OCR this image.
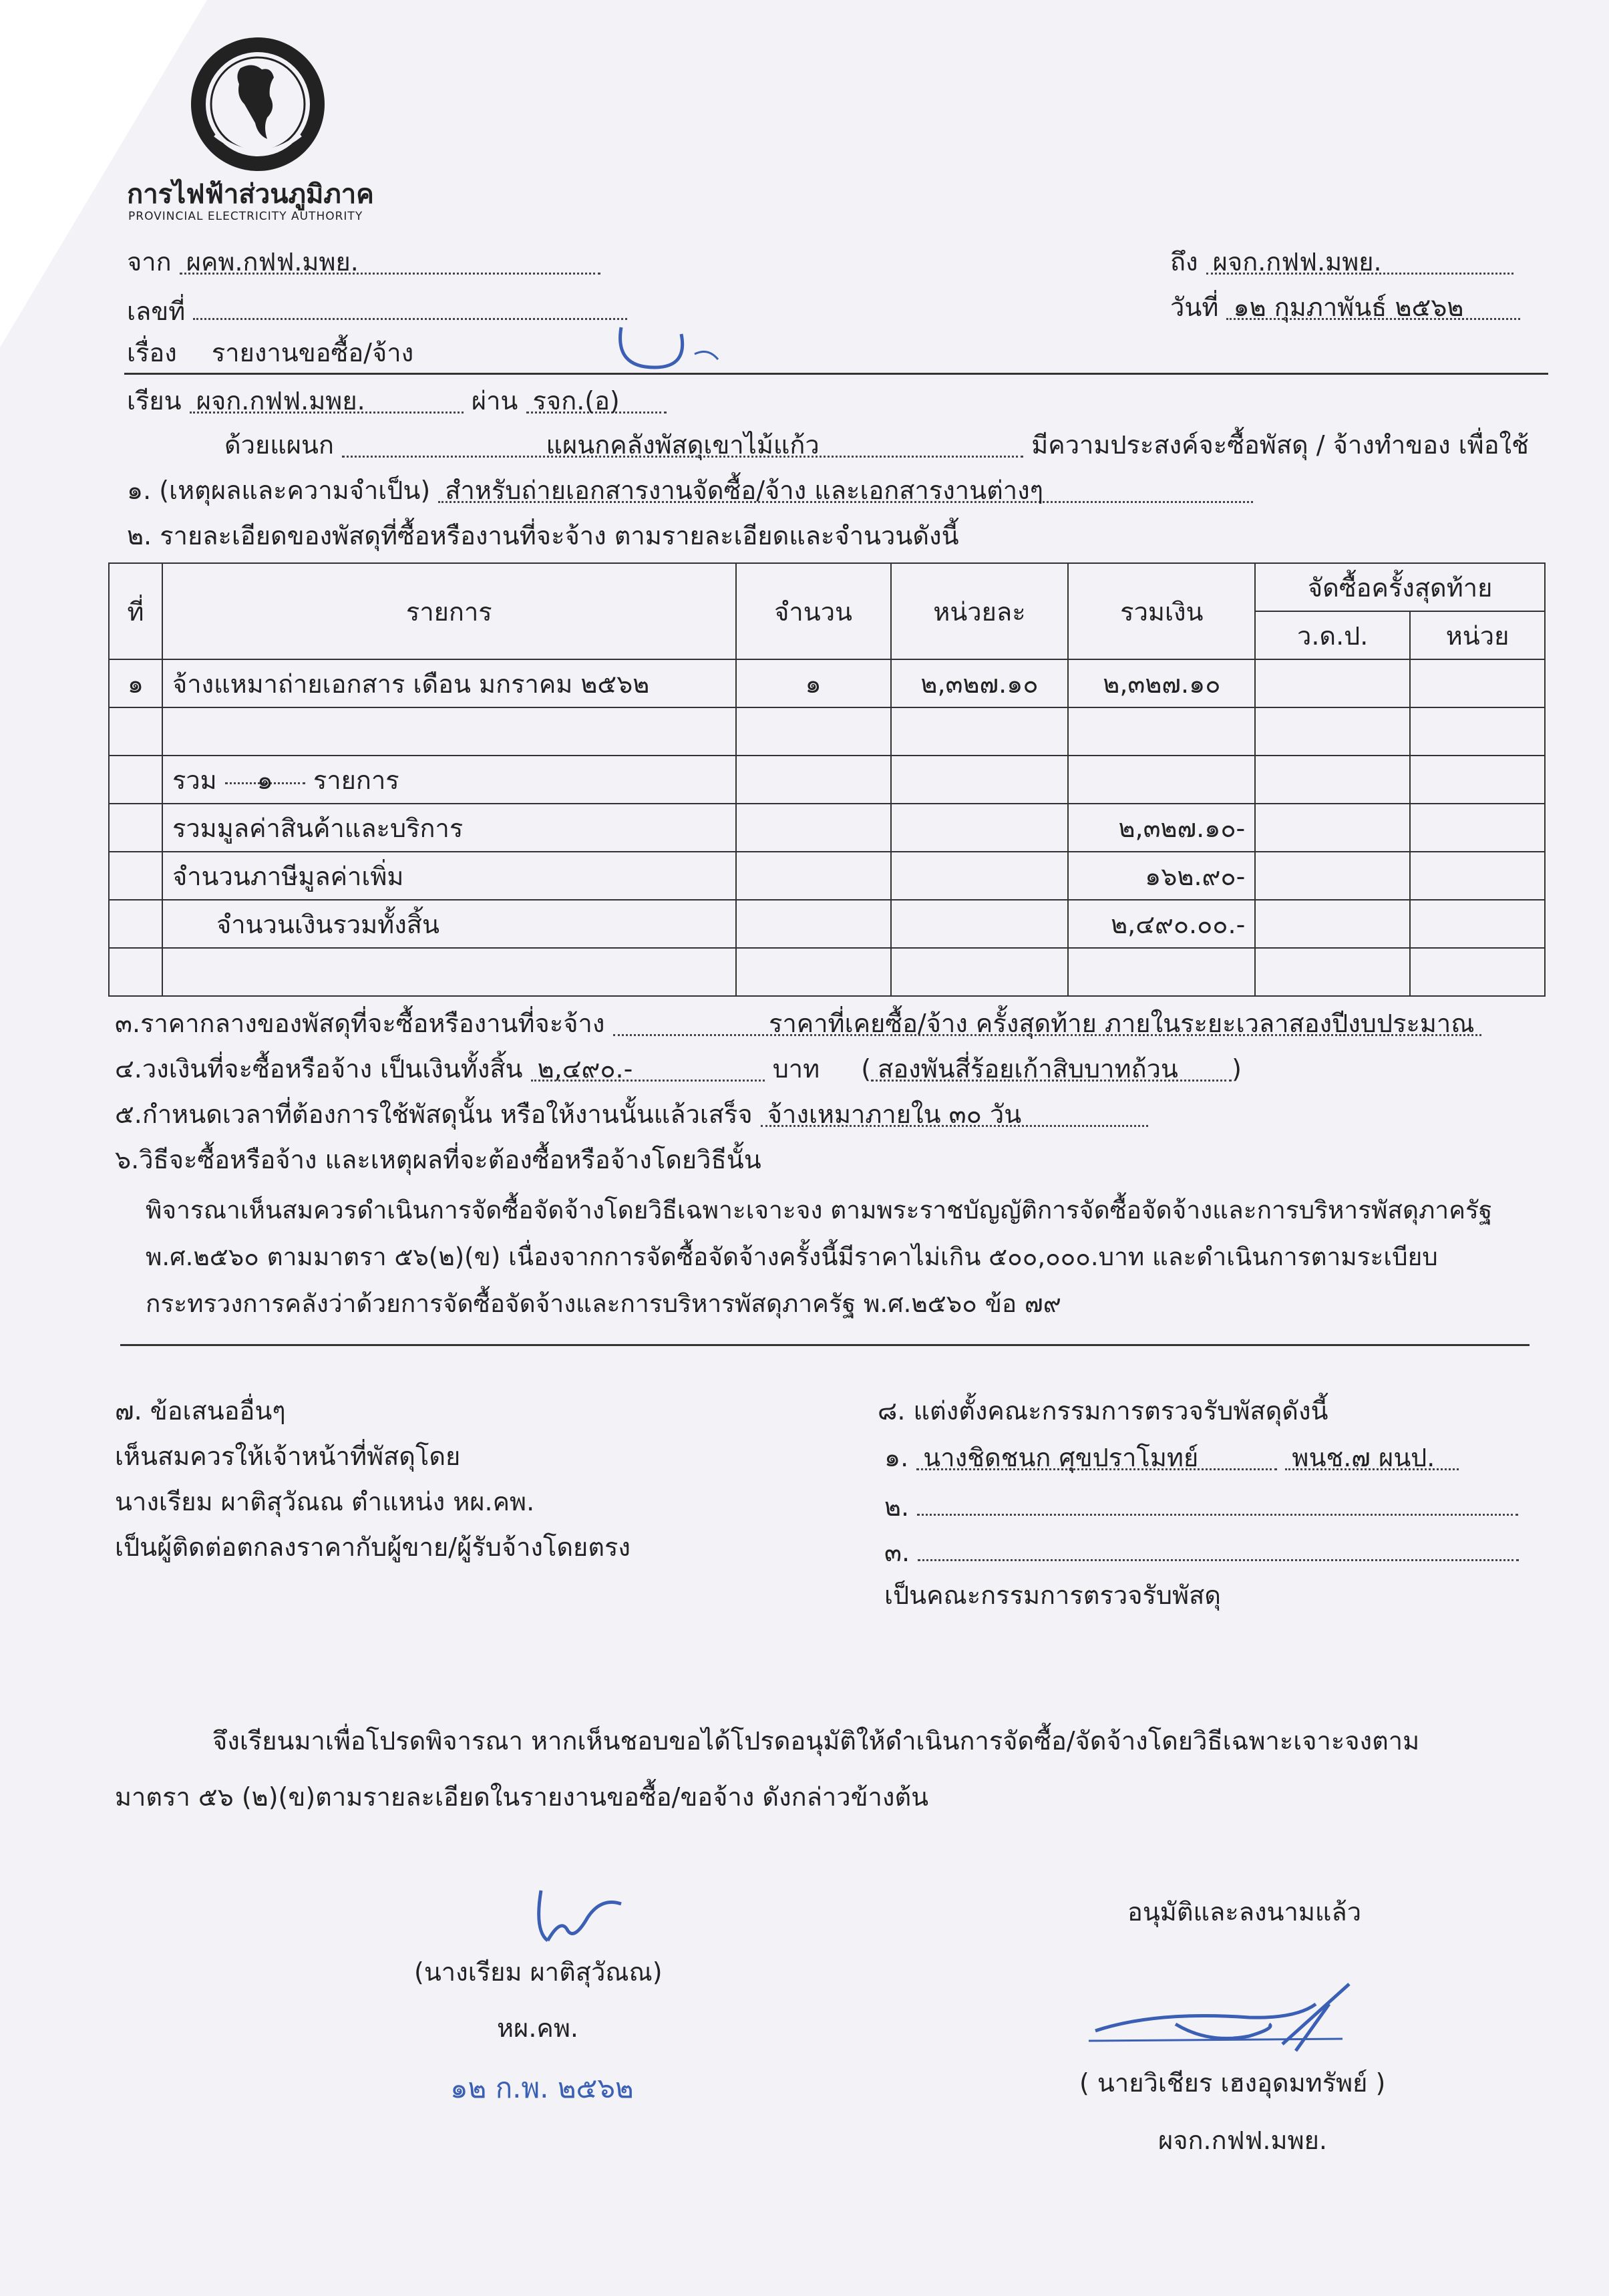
การไฟฟ้าส่วนภูมิภาค
PROVINCIAL ELECTRICITY AUTHORITY
จาก ผคพ.กฟฟ.มพย.	ถึง ผจก.กฟฟ.มพย.
เลขที่	วันที่ ๑๒ กุมภาพันธ์ ๒๕๖๒
เรื่อง รายงานขอซื้อ/จ้าง
เรียน ผจก.กฟฟ.มพย.	ผ่าน รจก.(อ)
ด้วยแผนก	แผนกคลังพัสดุเขาไม้แก้ว	มีความประสงค์จะซื้อพัสดุ / จ้างทำของ เพื่อใช้
๑. (เหตุผลและความจำเป็น) สำหรับถ่ายเอกสารงานจัดซื้อ/จ้าง และเอกสารงานต่างๆ
๒. รายละเอียดของพัสดุที่ซื้อหรืองานที่จะจ้าง ตามรายละเอียดและจำนวนดังนี้
ที่	รายการ	จำนวน	หน่วยละ	รวมเงิน	จัดซื้อครั้งสุดท้าย	
					ว.ด.ป.	หน่วย
๑	จ้างแหมาถ่ายเอกสาร เดือน มกราคม ๒๕๖๒	๑	๒,๓๒๗.๑๐	๒,๓๒๗.๑๐		

	รวม ๑ รายการ					
	รวมมูลค่าสินค้าและบริการ			๒,๓๒๗.๑๐-		
	จำนวนภาษีมูลค่าเพิ่ม			๑๖๒.๙๐-		
	จำนวนเงินรวมทั้งสิ้น			๒,๔๙๐.๐๐.-		

๓.ราคากลางของพัสดุที่จะซื้อหรืองานที่จะจ้าง	ราคาที่เคยซื้อ/จ้าง ครั้งสุดท้าย ภายในระยะเวลาสองปีงบประมาณ
๔.วงเงินที่จะซื้อหรือจ้าง เป็นเงินทั้งสิ้น ๒,๔๙๐.-	บาท ( สองพันสี่ร้อยเก้าสิบบาทถ้วน )
๕.กำหนดเวลาที่ต้องการใช้พัสดุนั้น หรือให้งานนั้นแล้วเสร็จ จ้างเหมาภายใน ๓๐ วัน
๖.วิธีจะซื้อหรือจ้าง และเหตุผลที่จะต้องซื้อหรือจ้างโดยวิธีนั้น
พิจารณาเห็นสมควรดำเนินการจัดซื้อจัดจ้างโดยวิธีเฉพาะเจาะจง ตามพระราชบัญญัติการจัดซื้อจัดจ้างและการบริหารพัสดุภาครัฐ
พ.ศ.๒๕๖๐ ตามมาตรา ๕๖(๒)(ข) เนื่องจากการจัดซื้อจัดจ้างครั้งนี้มีราคาไม่เกิน ๕๐๐,๐๐๐.บาท และดำเนินการตามระเบียบ
กระทรวงการคลังว่าด้วยการจัดซื้อจัดจ้างและการบริหารพัสดุภาครัฐ พ.ศ.๒๕๖๐ ข้อ ๗๙
๗. ข้อเสนออื่นๆ
เห็นสมควรให้เจ้าหน้าที่พัสดุโดย
นางเรียม ผาติสุวัณณ ตำแหน่ง หผ.คพ.
เป็นผู้ติดต่อตกลงราคากับผู้ขาย/ผู้รับจ้างโดยตรง
๘. แต่งตั้งคณะกรรมการตรวจรับพัสดุดังนี้
๑. นางชิดชนก ศุขปราโมทย์	พนช.๗ ผนป.
๒.
๓.
เป็นคณะกรรมการตรวจรับพัสดุ
จึงเรียนมาเพื่อโปรดพิจารณา หากเห็นชอบขอได้โปรดอนุมัติให้ดำเนินการจัดซื้อ/จัดจ้างโดยวิธีเฉพาะเจาะจงตาม
มาตรา ๕๖ (๒)(ข)ตามรายละเอียดในรายงานขอซื้อ/ขอจ้าง ดังกล่าวข้างต้น
(นางเรียม ผาติสุวัณณ)
หผ.คพ.
๑๒ ก.พ. ๒๕๖๒
อนุมัติและลงนามแล้ว
( นายวิเชียร เฮงอุดมทรัพย์ )
ผจก.กฟฟ.มพย.
